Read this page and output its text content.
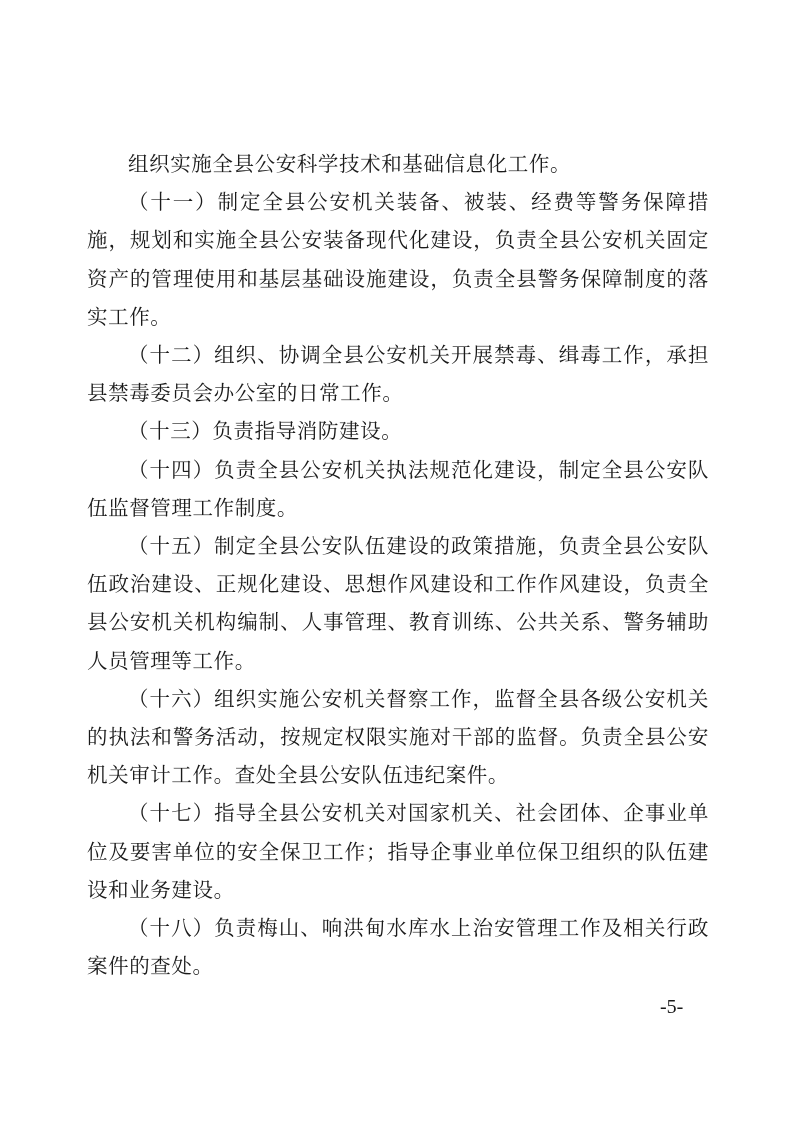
组织实施全县公安科学技术和基础信息化工作。

（十一）制定全县公安机关装备、被装、经费等警务保障措施，规划和实施全县公安装备现代化建设，负责全县公安机关固定资产的管理使用和基层基础设施建设，负责全县警务保障制度的落实工作。

（十二）组织、协调全县公安机关开展禁毒、缉毒工作，承担县禁毒委员会办公室的日常工作。

（十三）负责指导消防建设。

（十四）负责全县公安机关执法规范化建设，制定全县公安队伍监督管理工作制度。

（十五）制定全县公安队伍建设的政策措施，负责全县公安队伍政治建设、正规化建设、思想作风建设和工作作风建设，负责全县公安机关机构编制、人事管理、教育训练、公共关系、警务辅助人员管理等工作。

（十六）组织实施公安机关督察工作，监督全县各级公安机关的执法和警务活动，按规定权限实施对干部的监督。负责全县公安机关审计工作。查处全县公安队伍违纪案件。

（十七）指导全县公安机关对国家机关、社会团体、企事业单位及要害单位的安全保卫工作；指导企事业单位保卫组织的队伍建设和业务建设。

（十八）负责梅山、响洪甸水库水上治安管理工作及相关行政案件的查处。

-5-
